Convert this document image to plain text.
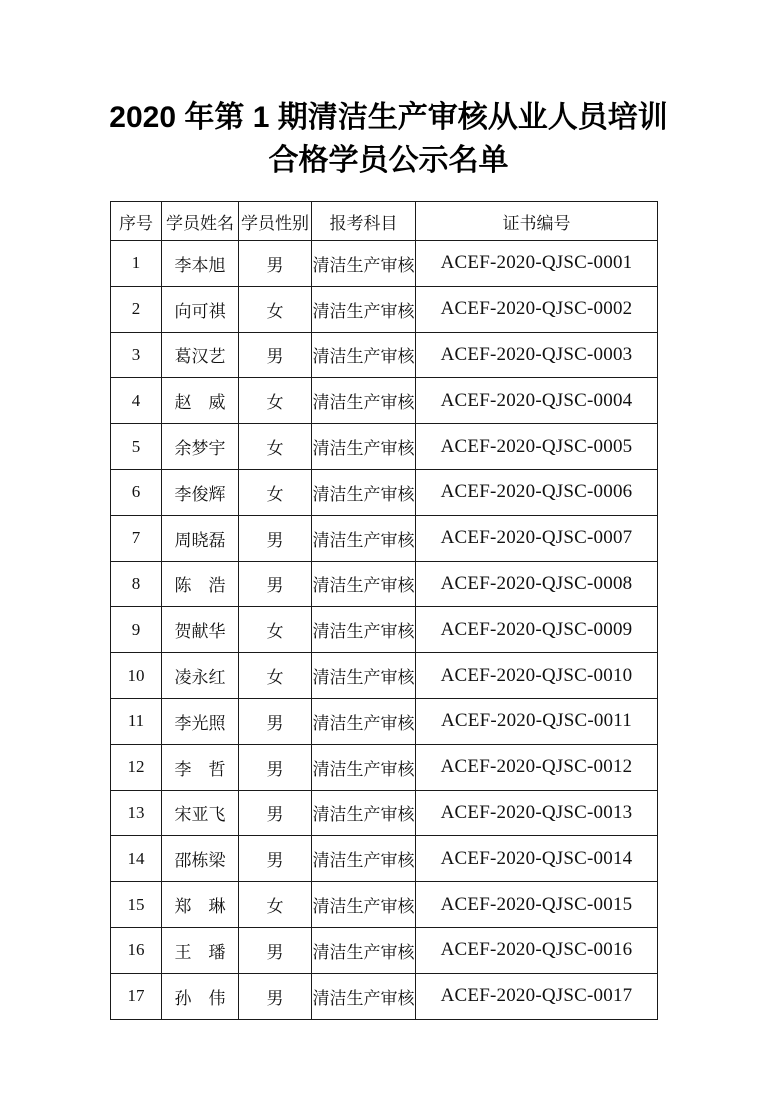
2020 年第 1 期清洁生产审核从业人员培训
合格学员公示名单
序号	学员姓名	学员性别	报考科目	证书编号
1	李本旭	男	清洁生产审核	ACEF-2020-QJSC-0001
2	向可祺	女	清洁生产审核	ACEF-2020-QJSC-0002
3	葛汉艺	男	清洁生产审核	ACEF-2020-QJSC-0003
4	赵　威	女	清洁生产审核	ACEF-2020-QJSC-0004
5	余梦宇	女	清洁生产审核	ACEF-2020-QJSC-0005
6	李俊辉	女	清洁生产审核	ACEF-2020-QJSC-0006
7	周晓磊	男	清洁生产审核	ACEF-2020-QJSC-0007
8	陈　浩	男	清洁生产审核	ACEF-2020-QJSC-0008
9	贺献华	女	清洁生产审核	ACEF-2020-QJSC-0009
10	凌永红	女	清洁生产审核	ACEF-2020-QJSC-0010
11	李光照	男	清洁生产审核	ACEF-2020-QJSC-0011
12	李　哲	男	清洁生产审核	ACEF-2020-QJSC-0012
13	宋亚飞	男	清洁生产审核	ACEF-2020-QJSC-0013
14	邵栋梁	男	清洁生产审核	ACEF-2020-QJSC-0014
15	郑　琳	女	清洁生产审核	ACEF-2020-QJSC-0015
16	王　璠	男	清洁生产审核	ACEF-2020-QJSC-0016
17	孙　伟	男	清洁生产审核	ACEF-2020-QJSC-0017
